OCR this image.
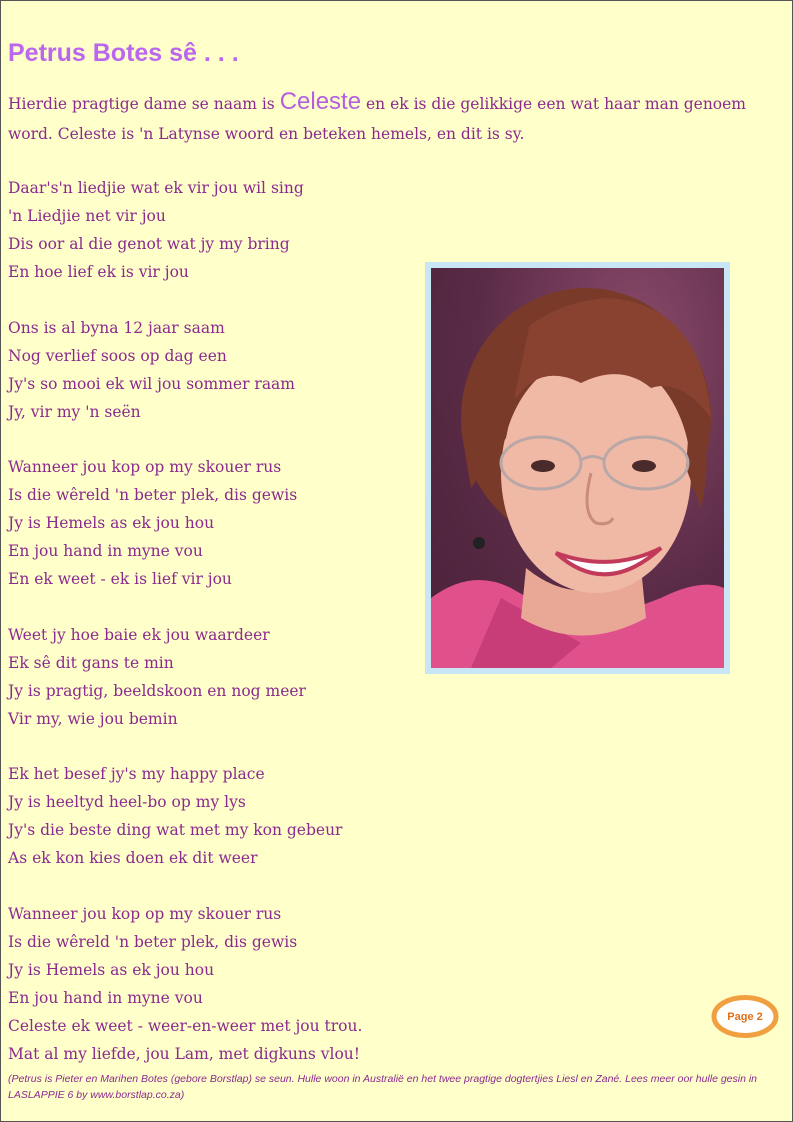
Petrus Botes sê . . .

Hierdie pragtige dame se naam is Celeste en ek is die gelikkige een wat haar man genoem word. Celeste is 'n Latynse woord en beteken hemels, en dit is sy.

Daar's'n liedjie wat ek vir jou wil sing
'n Liedjie net vir jou
Dis oor al die genot wat jy my bring
En hoe lief ek is vir jou
Ons is al byna 12 jaar saam
Nog verlief soos op dag een
Jy's so mooi ek wil jou sommer raam
Jy, vir my 'n seën
Wanneer jou kop op my skouer rus
Is die wêreld 'n beter plek, dis gewis
Jy is Hemels as ek jou hou
En jou hand in myne vou
En ek weet - ek is lief vir jou
Weet jy hoe baie ek jou waardeer
Ek sê dit gans te min
Jy is pragtig, beeldskoon en nog meer
Vir my, wie jou bemin
Ek het besef jy's my happy place
Jy is heeltyd heel-bo op my lys
Jy's die beste ding wat met my kon gebeur
As ek kon kies doen ek dit weer
Wanneer jou kop op my skouer rus
Is die wêreld 'n beter plek, dis gewis
Jy is Hemels as ek jou hou
En jou hand in myne vou
Celeste ek weet - weer-en-weer met jou trou.
Mat al my liefde, jou Lam, met digkuns vlou!
Page 2

(Petrus is Pieter en Marihen Botes (gebore Borstlap) se seun. Hulle woon in Australië en het twee pragtige dogtertjies Liesl en Zané. Lees meer oor hulle gesin in LASLAPPIE 6 by www.borstlap.co.za)
